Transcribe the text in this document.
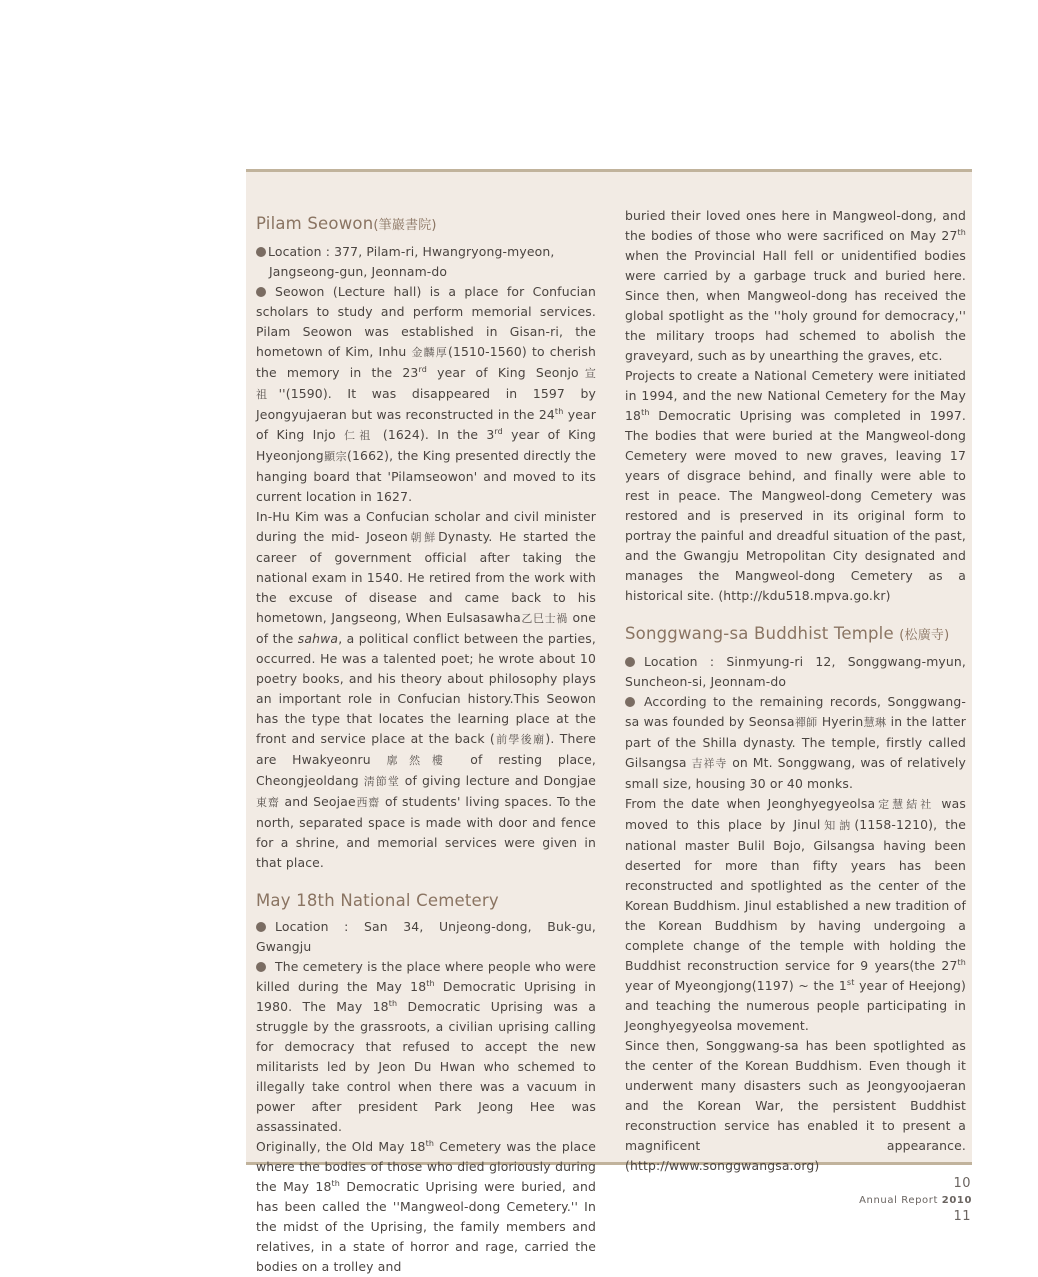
Pilam Seowon(筆巖書院)

Location : 377, Pilam-ri, Hwangryong-myeon,

Jangseong-gun, Jeonnam-do

Seowon (Lecture hall) is a place for Confucian scholars to study and perform memorial services. Pilam Seowon was established in Gisan-ri, the hometown of Kim, Inhu 金麟厚(1510-1560) to cherish the memory in the 23rd year of King Seonjo宣祖''(1590). It was disappeared in 1597 by Jeongyujaeran but was reconstructed in the 24th year of King Injo 仁祖 (1624). In the 3rd year of King Hyeonjong顯宗(1662), the King presented directly the hanging board that 'Pilamseowon' and moved to its current location in 1627.

In-Hu Kim was a Confucian scholar and civil minister during the mid- Joseon朝鮮Dynasty. He started the career of government official after taking the national exam in 1540. He retired from the work with the excuse of disease and came back to his hometown, Jangseong, When Eulsasawha乙巳士禍 one of the sahwa, a political conflict between the parties, occurred. He was a talented poet; he wrote about 10 poetry books, and his theory about philosophy plays an important role in Confucian history.This Seowon has the type that locates the learning place at the front and service place at the back (前學後廟). There are Hwakyeonru 廓然樓 of resting place, Cheongjeoldang 淸節堂 of giving lecture and Dongjae東齋 and Seojae西齋 of students' living spaces. To the north, separated space is made with door and fence for a shrine, and memorial services were given in that place.

May 18th National Cemetery

Location : San 34, Unjeong-dong, Buk-gu, Gwangju

The cemetery is the place where people who were killed during the May 18th Democratic Uprising in 1980. The May 18th Democratic Uprising was a struggle by the grassroots, a civilian uprising calling for democracy that refused to accept the new militarists led by Jeon Du Hwan who schemed to illegally take control when there was a vacuum in power after president Park Jeong Hee was assassinated.

Originally, the Old May 18th Cemetery was the place where the bodies of those who died gloriously during the May 18th Democratic Uprising were buried, and has been called the ''Mangweol-dong Cemetery.'' In the midst of the Uprising, the family members and relatives, in a state of horror and rage, carried the bodies on a trolley and

buried their loved ones here in Mangweol-dong, and the bodies of those who were sacrificed on May 27th when the Provincial Hall fell or unidentified bodies were carried by a garbage truck and buried here. Since then, when Mangweol-dong has received the global spotlight as the ''holy ground for democracy,'' the military troops had schemed to abolish the graveyard, such as by unearthing the graves, etc.

Projects to create a National Cemetery were initiated in 1994, and the new National Cemetery for the May 18th Democratic Uprising was completed in 1997. The bodies that were buried at the Mangweol-dong Cemetery were moved to new graves, leaving 17 years of disgrace behind, and finally were able to rest in peace. The Mangweol-dong Cemetery was restored and is preserved in its original form to portray the painful and dreadful situation of the past, and the Gwangju Metropolitan City designated and manages the Mangweol-dong Cemetery as a historical site. (http://kdu518.mpva.go.kr)

Songgwang-sa Buddhist Temple (松廣寺)

Location : Sinmyung-ri 12, Songgwang-myun, Suncheon-si, Jeonnam-do

According to the remaining records, Songgwang-sa was founded by Seonsa禪師 Hyerin慧琳 in the latter part of the Shilla dynasty. The temple, firstly called Gilsangsa 吉祥寺 on Mt. Songgwang, was of relatively small size, housing 30 or 40 monks.

From the date when Jeonghyegyeolsa定慧結社 was moved to this place by Jinul知訥(1158-1210), the national master Bulil Bojo, Gilsangsa having been deserted for more than fifty years has been reconstructed and spotlighted as the center of the Korean Buddhism. Jinul established a new tradition of the Korean Buddhism by having undergoing a complete change of the temple with holding the Buddhist reconstruction service for 9 years(the 27th year of Myeongjong(1197) ~ the 1st year of Heejong) and teaching the numerous people participating in Jeonghyegyeolsa movement.

Since then, Songgwang-sa has been spotlighted as the center of the Korean Buddhism. Even though it underwent many disasters such as Jeongyoojaeran and the Korean War, the persistent Buddhist reconstruction service has enabled it to present a magnificent appearance. (http://www.songgwangsa.org)

10
Annual Report 2010
11
